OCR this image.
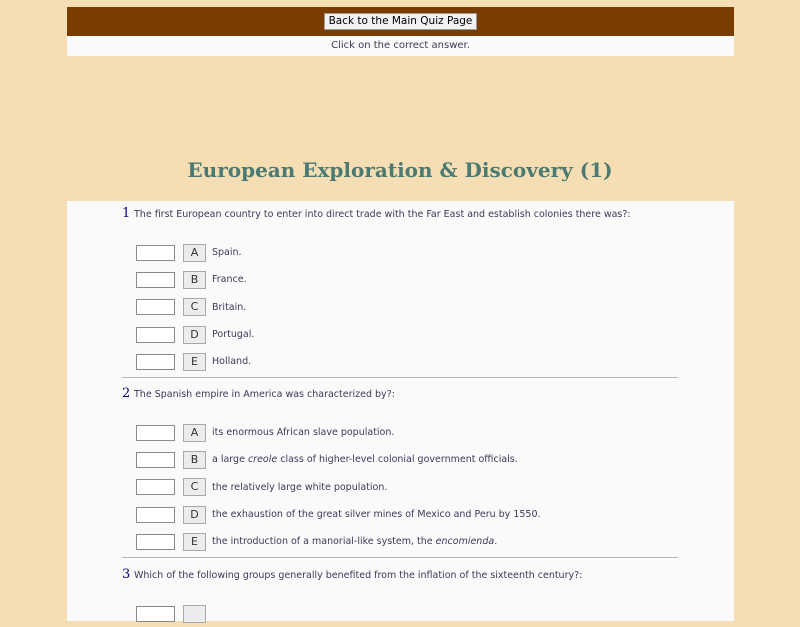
Back to the Main Quiz Page
Click on the correct answer.
European Exploration & Discovery (1)
1 The first European country to enter into direct trade with the Far East and establish colonies there was?:
A	Spain.
B	France.
C	Britain.
D	Portugal.
E	Holland.
2 The Spanish empire in America was characterized by?:
A	its enormous African slave population.
B	a large creole class of higher-level colonial government officials.
C	the relatively large white population.
D	the exhaustion of the great silver mines of Mexico and Peru by 1550.
E	the introduction of a manorial-like system, the encomienda.
3 Which of the following groups generally benefited from the inflation of the sixteenth century?:
